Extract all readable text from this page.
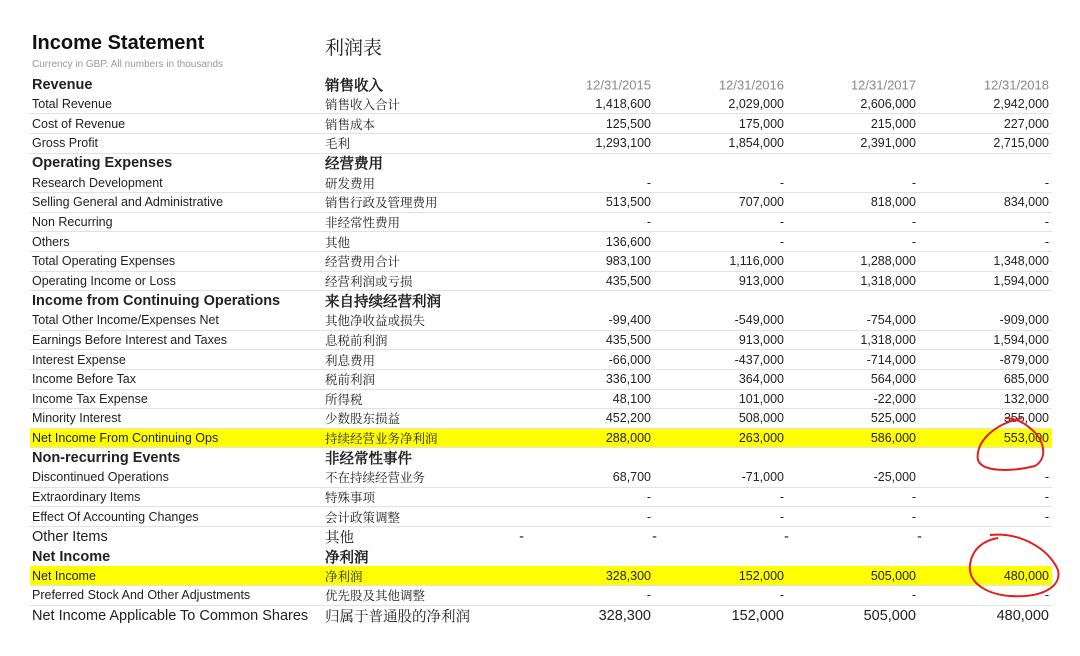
Income Statement	利润表
Currency in GBP. All numbers in thousands
Revenue	销售收入	12/31/2015	12/31/2016	12/31/2017	12/31/2018
Total Revenue	销售收入合计	1,418,600	2,029,000	2,606,000	2,942,000
Cost of Revenue	销售成本	125,500	175,000	215,000	227,000
Gross Profit	毛利	1,293,100	1,854,000	2,391,000	2,715,000
Operating Expenses	经营费用
Research Development	研发费用	-	-	-	-
Selling General and Administrative	销售行政及管理费用	513,500	707,000	818,000	834,000
Non Recurring	非经常性费用	-	-	-	-
Others	其他	136,600	-	-	-
Total Operating Expenses	经营费用合计	983,100	1,116,000	1,288,000	1,348,000
Operating Income or Loss	经营利润或亏损	435,500	913,000	1,318,000	1,594,000
Income from Continuing Operations	来自持续经营利润
Total Other Income/Expenses Net	其他净收益或损失	-99,400	-549,000	-754,000	-909,000
Earnings Before Interest and Taxes	息税前利润	435,500	913,000	1,318,000	1,594,000
Interest Expense	利息费用	-66,000	-437,000	-714,000	-879,000
Income Before Tax	税前利润	336,100	364,000	564,000	685,000
Income Tax Expense	所得税	48,100	101,000	-22,000	132,000
Minority Interest	少数股东损益	452,200	508,000	525,000	355,000
Net Income From Continuing Ops	持续经营业务净利润	288,000	263,000	586,000	553,000
Non-recurring Events	非经常性事件
Discontinued Operations	不在持续经营业务	68,700	-71,000	-25,000	-
Extraordinary Items	特殊事项	-	-	-	-
Effect Of Accounting Changes	会计政策调整	-	-	-	-
Other Items	其他	-	-	-	-
Net Income	净利润
Net Income	净利润	328,300	152,000	505,000	480,000
Preferred Stock And Other Adjustments	优先股及其他调整	-	-	-	-
Net Income Applicable To Common Shares 归属于普通股的净利润	328,300	152,000	505,000	480,000
